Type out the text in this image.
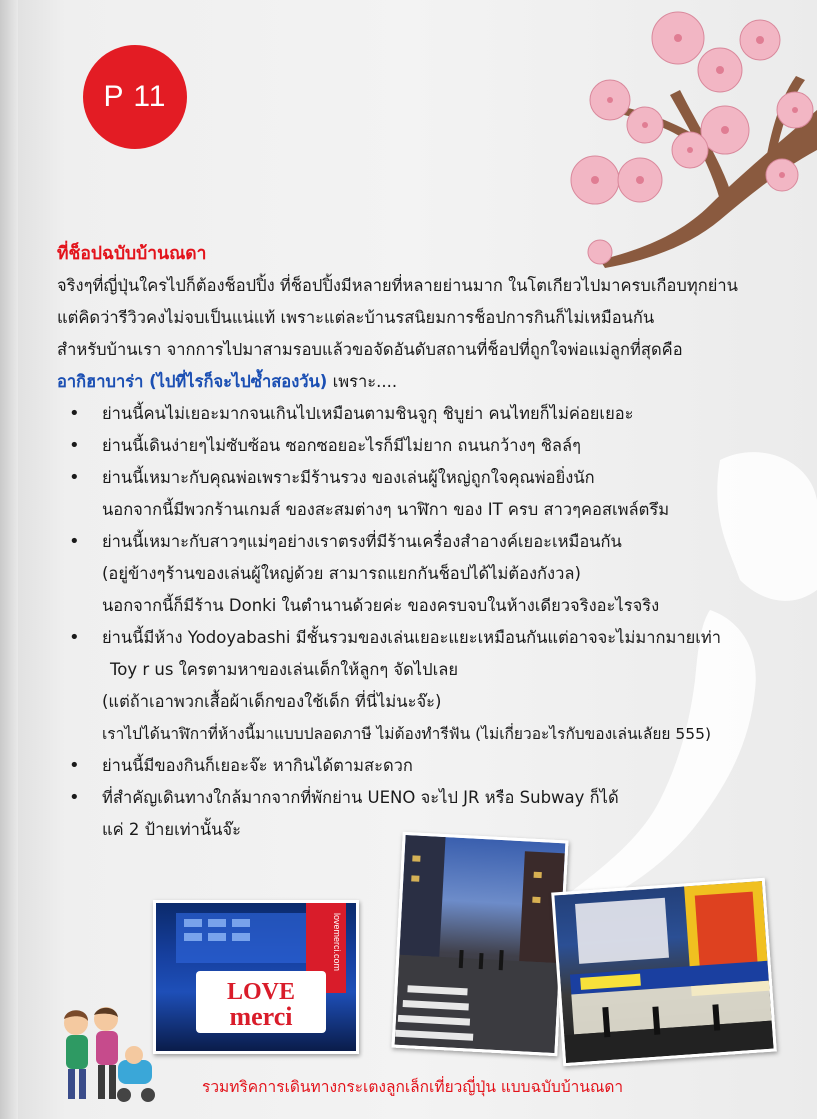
P 11
ที่ช็อปฉบับบ้านณดา
จริงๆที่ญี่ปุ่นใครไปก็ต้องช็อปปิ้ง ที่ช็อปปิ้งมีหลายที่หลายย่านมาก ในโตเกียวไปมาครบเกือบทุกย่าน
แต่คิดว่ารีวิวคงไม่จบเป็นแน่แท้ เพราะแต่ละบ้านรสนิยมการช็อปการกินก็ไม่เหมือนกัน
สำหรับบ้านเรา จากการไปมาสามรอบแล้วขอจัดอันดับสถานที่ช็อปที่ถูกใจพ่อแม่ลูกที่สุดคือ
อากิฮาบาร่า (ไปที่ไรก็จะไปซ้ำสองวัน) เพราะ....
• ย่านนี้คนไม่เยอะมากจนเกินไปเหมือนตามชินจูกุ ชิบูย่า คนไทยก็ไม่ค่อยเยอะ
• ย่านนี้เดินง่ายๆไม่ซับซ้อน ซอกซอยอะไรก็มีไม่ยาก ถนนกว้างๆ ชิลล์ๆ
• ย่านนี้เหมาะกับคุณพ่อเพราะมีร้านรวง ของเล่นผู้ใหญ่ถูกใจคุณพ่อยิ่งนัก
นอกจากนี้มีพวกร้านเกมส์ ของสะสมต่างๆ นาฬิกา ของ IT ครบ สาวๆคอสเพล์ตรึม
• ย่านนี้เหมาะกับสาวๆแม่ๆอย่างเราตรงที่มีร้านเครื่องสำอางค์เยอะเหมือนกัน
(อยู่ข้างๆร้านของเล่นผู้ใหญ่ด้วย สามารถแยกกันช็อปได้ไม่ต้องกังวล)
นอกจากนี้ก็มีร้าน Donki ในตำนานด้วยค่ะ ของครบจบในห้างเดียวจริงอะไรจริง
• ย่านนี้มีห้าง Yodoyabashi มีชั้นรวมของเล่นเยอะแยะเหมือนกันแต่อาจจะไม่มากมายเท่า
Toy r us ใครตามหาของเล่นเด็กให้ลูกๆ จัดไปเลย
(แต่ถ้าเอาพวกเสื้อผ้าเด็กของใช้เด็ก ที่นี่ไม่นะจ๊ะ)
เราไปได้นาฬิกาที่ห้างนี้มาแบบปลอดภาษี ไม่ต้องทำรีฟัน (ไม่เกี่ยวอะไรกับของเล่นเลัยย 555)
• ย่านนี้มีของกินก็เยอะจ๊ะ หากินได้ตามสะดวก
• ที่สำคัญเดินทางใกล้มากจากที่พักย่าน UENO จะไป JR หรือ Subway ก็ได้
แค่ 2 ป้ายเท่านั้นจ๊ะ
lovemerci.com
LOVE
merci
รวมทริคการเดินทางกระเตงลูกเล็กเที่ยวญี่ปุ่น แบบฉบับบ้านณดา
